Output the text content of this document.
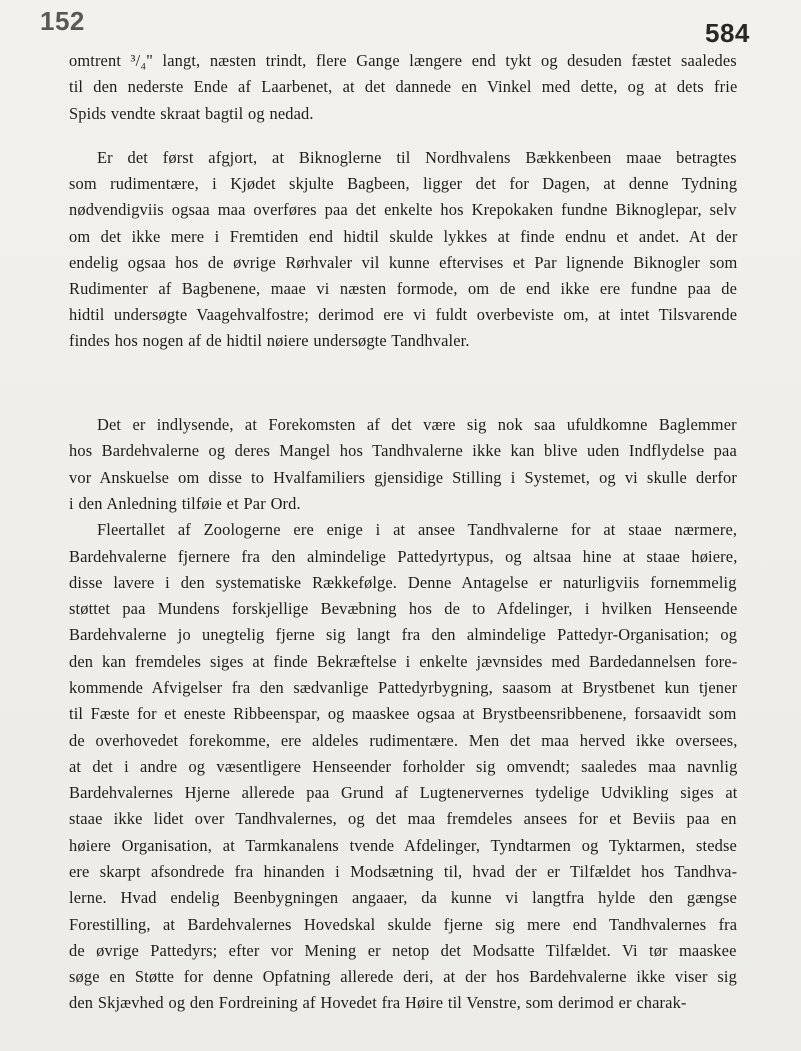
152	584
omtrent ³/₄" langt, næsten trindt, flere Gange længere end tykt og desuden fæstet saaledes
til den nederste Ende af Laarbenet, at det dannede en Vinkel med dette, og at dets frie
Spids vendte skraat bagtil og nedad.
Er det først afgjort, at Biknoglerne til Nordhvalens Bækkenbeen maae betragtes
som rudimentære, i Kjødet skjulte Bagbeen, ligger det for Dagen, at denne Tydning
nødvendigviis ogsaa maa overføres paa det enkelte hos Krepokaken fundne Biknoglepar, selv
om det ikke mere i Fremtiden end hidtil skulde lykkes at finde endnu et andet. At der
endelig ogsaa hos de øvrige Rørhvaler vil kunne eftervises et Par lignende Biknogler som
Rudimenter af Bagbenene, maae vi næsten formode, om de end ikke ere fundne paa de
hidtil undersøgte Vaagehvalfostre; derimod ere vi fuldt overbeviste om, at intet Tilsvarende
findes hos nogen af de hidtil nøiere undersøgte Tandhvaler.
Det er indlysende, at Forekomsten af det være sig nok saa ufuldkomne Baglemmer
hos Bardehvalerne og deres Mangel hos Tandhvalerne ikke kan blive uden Indflydelse paa
vor Anskuelse om disse to Hvalfamiliers gjensidige Stilling i Systemet, og vi skulle derfor
i den Anledning tilføie et Par Ord.
Fleertallet af Zoologerne ere enige i at ansee Tandhvalerne for at staae nærmere,
Bardehvalerne fjernere fra den almindelige Pattedyrtypus, og altsaa hine at staae høiere,
disse lavere i den systematiske Rækkefølge. Denne Antagelse er naturligviis fornemmelig
støttet paa Mundens forskjellige Bevæbning hos de to Afdelinger, i hvilken Henseende
Bardehvalerne jo unegtelig fjerne sig langt fra den almindelige Pattedyr-Organisation; og
den kan fremdeles siges at finde Bekræftelse i enkelte jævnsides med Bardedannelsen fore-
kommende Afvigelser fra den sædvanlige Pattedyrbygning, saasom at Brystbenet kun tjener
til Fæste for et eneste Ribbeenspar, og maaskee ogsaa at Brystbeensribbenene, forsaavidt som
de overhovedet forekomme, ere aldeles rudimentære. Men det maa herved ikke oversees,
at det i andre og væsentligere Henseender forholder sig omvendt; saaledes maa navnlig
Bardehvalernes Hjerne allerede paa Grund af Lugtenervernes tydelige Udvikling siges at
staae ikke lidet over Tandhvalernes, og det maa fremdeles ansees for et Beviis paa en
høiere Organisation, at Tarmkanalens tvende Afdelinger, Tyndtarmen og Tyktarmen, stedse
ere skarpt afsondrede fra hinanden i Modsætning til, hvad der er Tilfældet hos Tandhva-
lerne. Hvad endelig Beenbygningen angaaer, da kunne vi langtfra hylde den gængse
Forestilling, at Bardehvalernes Hovedskal skulde fjerne sig mere end Tandhvalernes fra
de øvrige Pattedyrs; efter vor Mening er netop det Modsatte Tilfældet. Vi tør maaskee
søge en Støtte for denne Opfatning allerede deri, at der hos Bardehvalerne ikke viser sig
den Skjævhed og den Fordreining af Hovedet fra Høire til Venstre, som derimod er charak-
